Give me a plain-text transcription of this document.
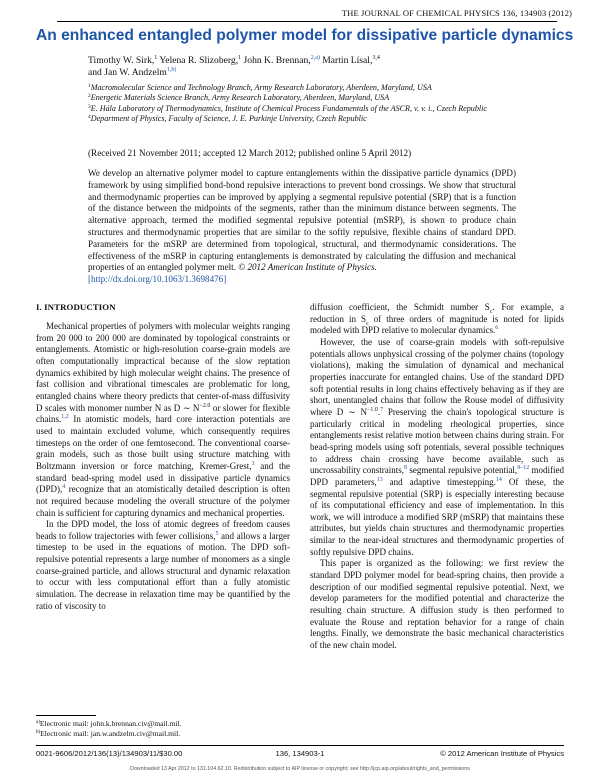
THE JOURNAL OF CHEMICAL PHYSICS 136, 134903 (2012)
An enhanced entangled polymer model for dissipative particle dynamics
Timothy W. Sirk,$^1$ Yelena R. Slizoberg,$^1$ John K. Brennan,$^{2,a)}$ Martin Lísal,$^{3,4}$
and Jan W. Andzelm$^{1,b)}$
$^1$Macromolecular Science and Technology Branch, Army Research Laboratory, Aberdeen, Maryland, USA
$^2$Energetic Materials Science Branch, Army Research Laboratory, Aberdeen, Maryland, USA
$^3$E. Hála Laboratory of Thermodynamics, Institute of Chemical Process Fundamentals of the ASCR, v. v. i., Czech Republic
$^4$Department of Physics, Faculty of Science, J. E. Purkinje University, Czech Republic
(Received 21 November 2011; accepted 12 March 2012; published online 5 April 2012)
We develop an alternative polymer model to capture entanglements within the dissipative particle dynamics (DPD) framework by using simplified bond-bond repulsive interactions to prevent bond crossings. We show that structural and thermodynamic properties can be improved by applying a segmental repulsive potential (SRP) that is a function of the distance between the midpoints of the segments, rather than the minimum distance between segments. The alternative approach, termed the modified segmental repulsive potential (mSRP), is shown to produce chain structures and thermodynamic properties that are similar to the softly repulsive, flexible chains of standard DPD. Parameters for the mSRP are determined from topological, structural, and thermodynamic considerations. The effectiveness of the mSRP in capturing entanglements is demonstrated by calculating the diffusion and mechanical properties of an entangled polymer melt. © 2012 American Institute of Physics.
[http://dx.doi.org/10.1063/1.3698476]
I. INTRODUCTION

Mechanical properties of polymers with molecular weights ranging from 20 000 to 200 000 are dominated by topological constraints or entanglements. Atomistic or high-resolution coarse-grain models are often computationally impractical because of the slow reptation dynamics exhibited by high molecular weight chains. The presence of fast collision and vibrational timescales are problematic for long, entangled chains where theory predicts that center-of-mass diffusivity D scales with monomer number N as D ∼ $N^{-2.0}$ or slower for flexible chains.$^{1,2}$ In atomistic models, hard core interaction potentials are used to maintain excluded volume, which consequently requires timesteps on the order of one femtosecond. The conventional coarse-grain models, such as those built using structure matching with Boltzmann inversion or force matching, Kremer-Grest,$^3$ and the standard bead-spring model used in dissipative particle dynamics (DPD),$^4$ recognize that an atomistically detailed description is often not required because modeling the overall structure of the polymer chain is sufficient for capturing dynamics and mechanical properties.

In the DPD model, the loss of atomic degrees of freedom causes beads to follow trajectories with fewer collisions,$^5$ and allows a larger timestep to be used in the equations of motion. The DPD soft-repulsive potential represents a large number of monomers as a single coarse-grained particle, and allows structural and dynamic relaxation to occur with less computational effort than a fully atomistic simulation. The decrease in relaxation time may be quantified by the ratio of viscosity to

diffusion coefficient, the Schmidt number $S_c$. For example, a reduction in $S_c$ of three orders of magnitude is noted for lipids modeled with DPD relative to molecular dynamics.$^6$

However, the use of coarse-grain models with soft-repulsive potentials allows unphysical crossing of the polymer chains (topology violations), making the simulation of dynamical and mechanical properties inaccurate for entangled chains. Use of the standard DPD soft potential results in long chains effectively behaving as if they are short, unentangled chains that follow the Rouse model of diffusivity where D ∼ $N^{-1.0}.^7$ Preserving the chain's topological structure is particularly critical in modeling rheological properties, since entanglements resist relative motion between chains during strain. For bead-spring models using soft potentials, several possible techniques to address chain crossing have become available, such as uncrossability constraints,$^8$ segmental repulsive potential,$^{9-12}$ modified DPD parameters,$^{13}$ and adaptive timestepping.$^{14}$ Of these, the segmental repulsive potential (SRP) is especially interesting because of its computational efficiency and ease of implementation. In this work, we will introduce a modified SRP (mSRP) that maintains these attributes, but yields chain structures and thermodynamic properties similar to the near-ideal structures and thermodynamic properties of softly repulsive DPD chains.

This paper is organized as the following: we first review the standard DPD polymer model for bead-spring chains, then provide a description of our modified segmental repulsive potential. Next, we develop parameters for the modified potential and characterize the resulting chain structure. A diffusion study is then performed to evaluate the Rouse and reptation behavior for a range of chain lengths. Finally, we demonstrate the basic mechanical characteristics of the new chain model.

$^{a)}$Electronic mail: john.k.brennan.civ@mail.mil.
$^{b)}$Electronic mail: jan.w.andzelm.civ@mail.mil.
0021-9606/2012/136(13)/134903/11/$30.00	136, 134903-1	© 2012 American Institute of Physics
Downloaded 13 Apr 2012 to 131.104.62.10. Redistribution subject to AIP license or copyright; see http://jcp.aip.org/about/rights_and_permissions
